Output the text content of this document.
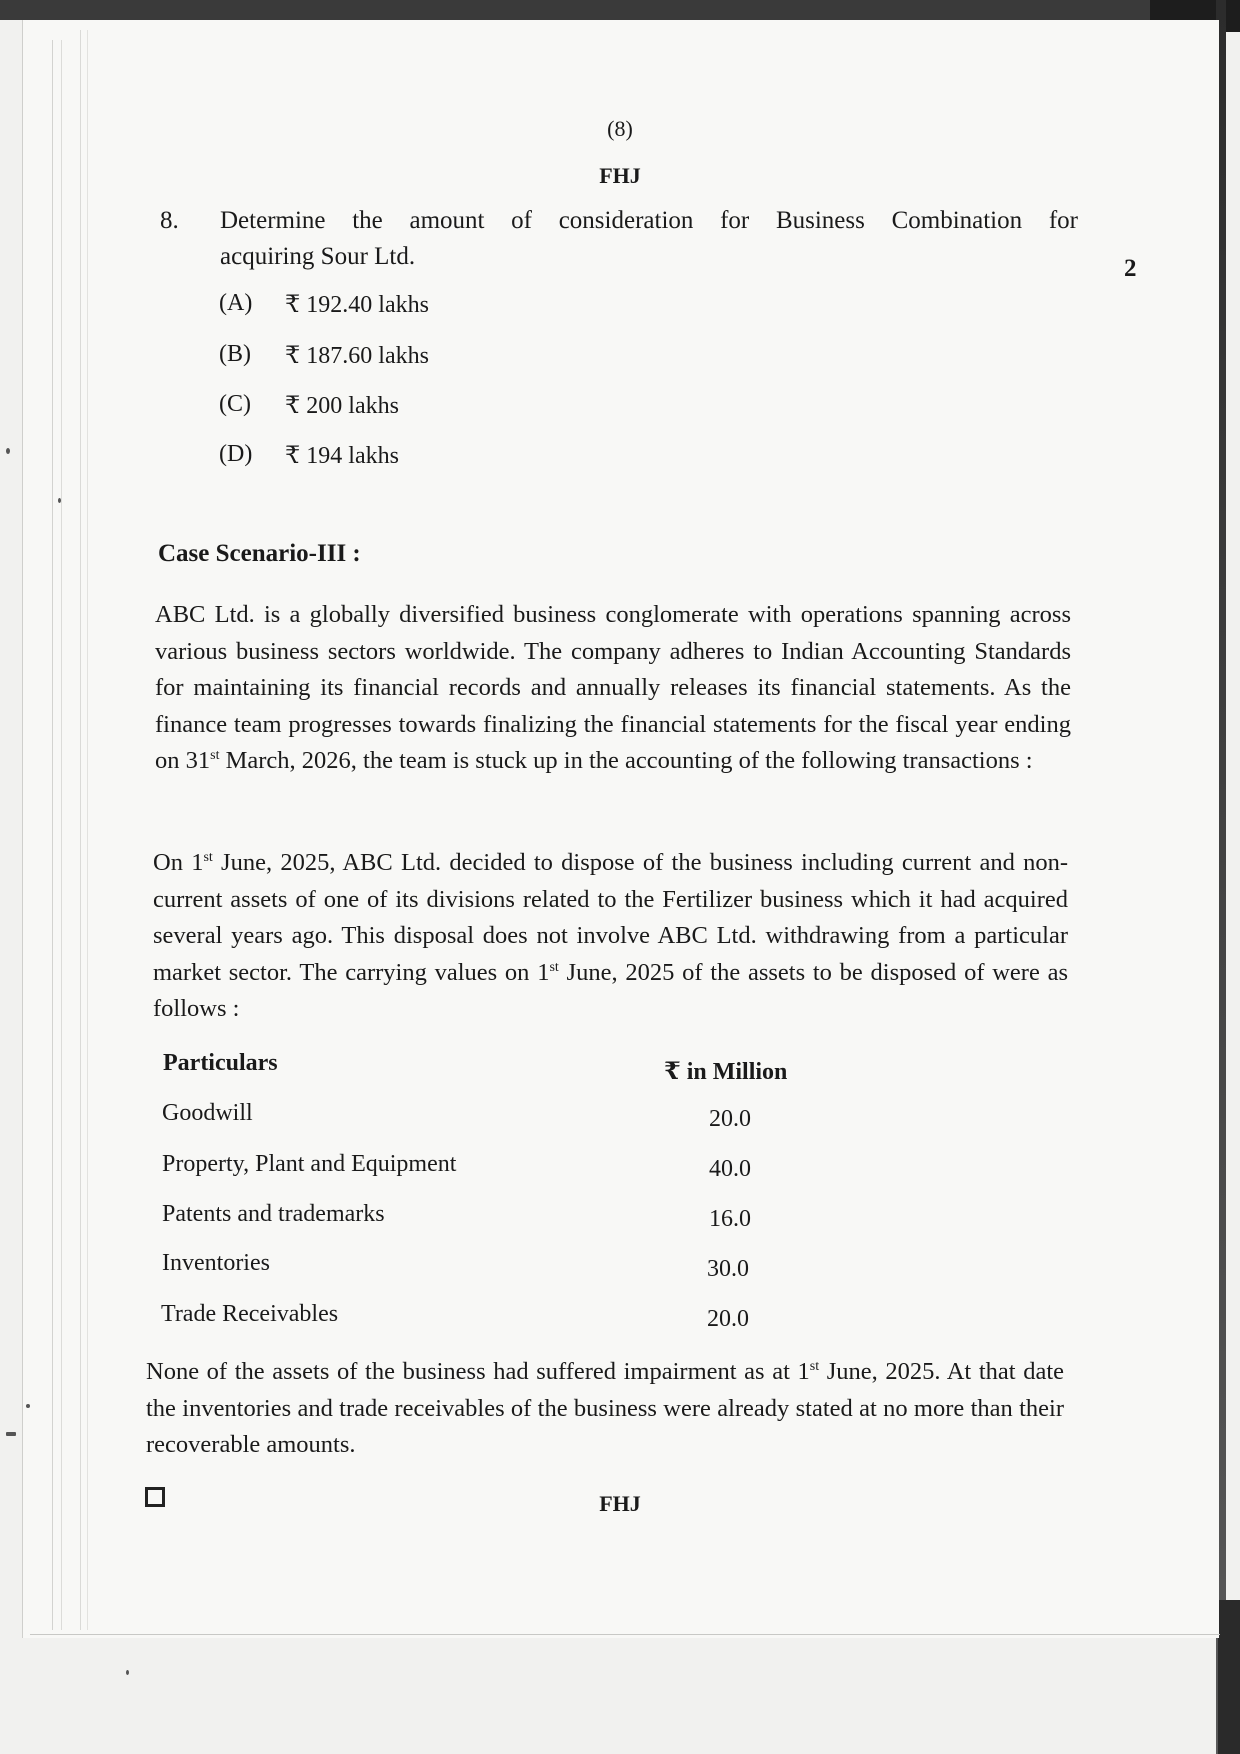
(8)
FHJ
8. Determine the amount of consideration for Business Combination for
acquiring Sour Ltd.	2
(A) ₹ 192.40 lakhs
(B) ₹ 187.60 lakhs
(C) ₹ 200 lakhs
(D) ₹ 194 lakhs
Case Scenario-III :
ABC Ltd. is a globally diversified business conglomerate with operations spanning across various business sectors worldwide. The company adheres to Indian Accounting Standards for maintaining its financial records and annually releases its financial statements. As the finance team progresses towards finalizing the financial statements for the fiscal year ending on 31st March, 2026, the team is stuck up in the accounting of the following transactions :
On 1st June, 2025, ABC Ltd. decided to dispose of the business including current and non-current assets of one of its divisions related to the Fertilizer business which it had acquired several years ago. This disposal does not involve ABC Ltd. withdrawing from a particular market sector. The carrying values on 1st June, 2025 of the assets to be disposed of were as follows :
Particulars	₹ in Million
Goodwill	20.0
Property, Plant and Equipment	40.0
Patents and trademarks	16.0
Inventories	30.0
Trade Receivables	20.0
None of the assets of the business had suffered impairment as at 1st June, 2025. At that date the inventories and trade receivables of the business were already stated at no more than their recoverable amounts.
FHJ
